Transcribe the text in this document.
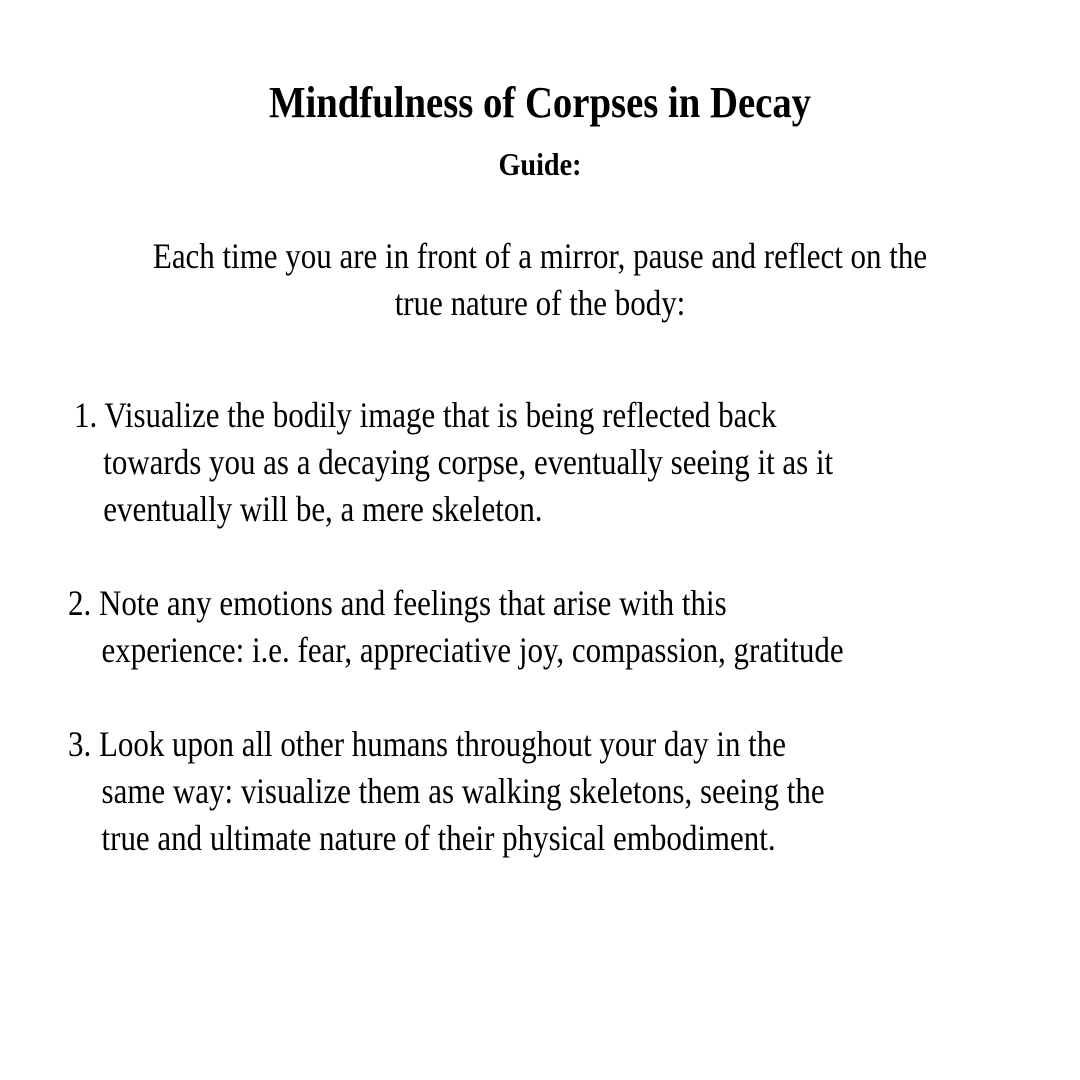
Mindfulness of Corpses in Decay
Guide:
Each time you are in front of a mirror, pause and reflect on the
true nature of the body:
1. Visualize the bodily image that is being reflected back
towards you as a decaying corpse, eventually seeing it as it
eventually will be, a mere skeleton.
2. Note any emotions and feelings that arise with this
experience: i.e. fear, appreciative joy, compassion, gratitude
3. Look upon all other humans throughout your day in the
same way: visualize them as walking skeletons, seeing the
true and ultimate nature of their physical embodiment.
